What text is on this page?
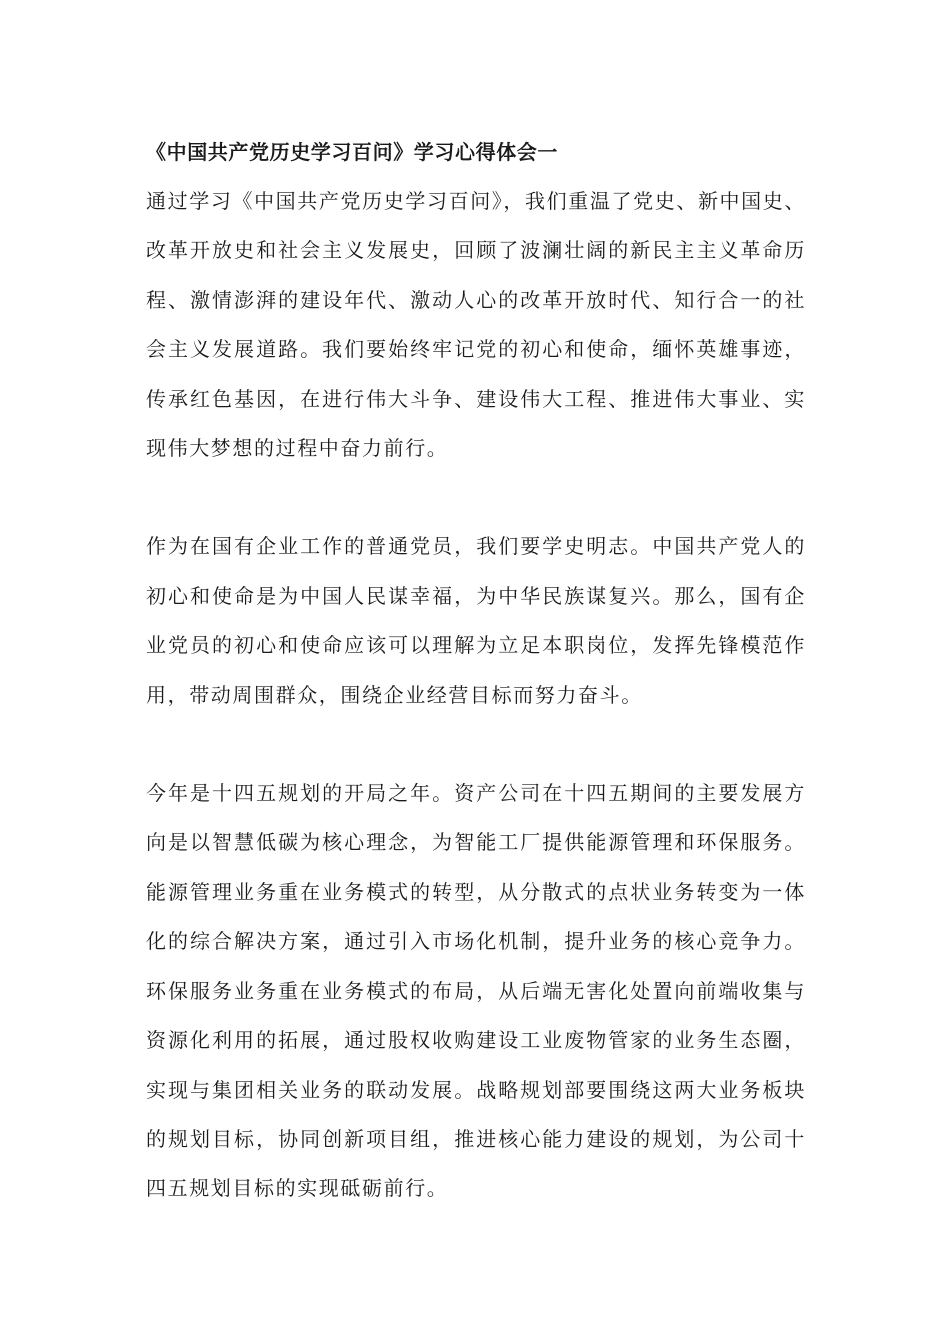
《中国共产党历史学习百问》学习心得体会一

通过学习《中国共产党历史学习百问》，我们重温了党史、新中国史、改革开放史和社会主义发展史，回顾了波澜壮阔的新民主主义革命历程、激情澎湃的建设年代、激动人心的改革开放时代、知行合一的社会主义发展道路。我们要始终牢记党的初心和使命，缅怀英雄事迹，传承红色基因，在进行伟大斗争、建设伟大工程、推进伟大事业、实现伟大梦想的过程中奋力前行。

作为在国有企业工作的普通党员，我们要学史明志。中国共产党人的初心和使命是为中国人民谋幸福，为中华民族谋复兴。那么，国有企业党员的初心和使命应该可以理解为立足本职岗位，发挥先锋模范作用，带动周围群众，围绕企业经营目标而努力奋斗。

今年是十四五规划的开局之年。资产公司在十四五期间的主要发展方向是以智慧低碳为核心理念，为智能工厂提供能源管理和环保服务。能源管理业务重在业务模式的转型，从分散式的点状业务转变为一体化的综合解决方案，通过引入市场化机制，提升业务的核心竞争力。环保服务业务重在业务模式的布局，从后端无害化处置向前端收集与资源化利用的拓展，通过股权收购建设工业废物管家的业务生态圈，实现与集团相关业务的联动发展。战略规划部要围绕这两大业务板块的规划目标，协同创新项目组，推进核心能力建设的规划，为公司十四五规划目标的实现砥砺前行。
